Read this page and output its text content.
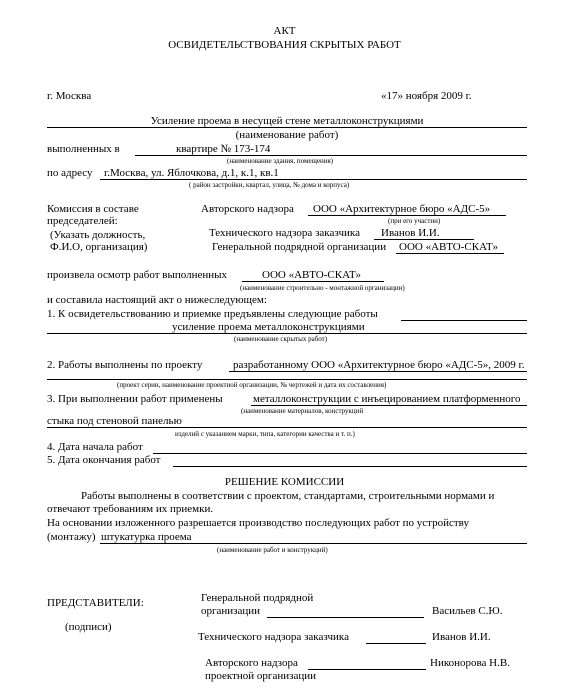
АКТ
ОСВИДЕТЕЛЬСТВОВАНИЯ СКРЫТЫХ РАБОТ
г. Москва	«17» ноября 2009 г.
Усиление проема в несущей стене металлоконструкциями
(наименование работ)
выполненных в	квартире № 173-174
(наименование здания, помещения)
по адресу г.Москва, ул. Яблочкова, д.1, к.1, кв.1
( район застройки, квартал, улица, № дома и корпуса)
Комиссия в составе
председателей:
(Указать должность,
Ф.И.О, организация)
Авторского надзора ООО «Архитектурное бюро «АДС-5»
(при его участии)
Технического надзора заказчика Иванов И.И.
Генеральной подрядной организации ООО «АВТО-СКАТ»
произвела осмотр работ выполненных	ООО «АВТО-СКАТ»
(наименование строительно - монтажной организации)
и составила настоящий акт о нижеследующем:
1. К освидетельствованию и приемке предъявлены следующие работы
усиление проема металлоконструкциями
(наименование скрытых работ)
2. Работы выполнены по проекту	разработанному ООО «Архитектурное бюро «АДС-5», 2009 г.
(проект серии, наименование проектной организации, № чертежей и дата их составления)
3. При выполнении работ применены	металлоконструкции с инъецированием платформенного
(наименование материалов, конструкций
стыка под стеновой панелью
изделий с указанием марки, типа, категории качества и т. п.)
4. Дата начала работ
5. Дата окончания работ
РЕШЕНИЕ КОМИССИИ
Работы выполнены в соответствии с проектом, стандартами, строительными нормами и
отвечают требованиям их приемки.
На основании изложенного разрешается производство последующих работ по устройству
(монтажу) штукатурка проема
(наименование работ и конструкций)
ПРЕДСТАВИТЕЛИ:
(подписи)
Генеральной подрядной
организации	Васильев С.Ю.
Технического надзора заказчика	Иванов И.И.
Авторского надзора
проектной организации
Никонорова Н.В.
